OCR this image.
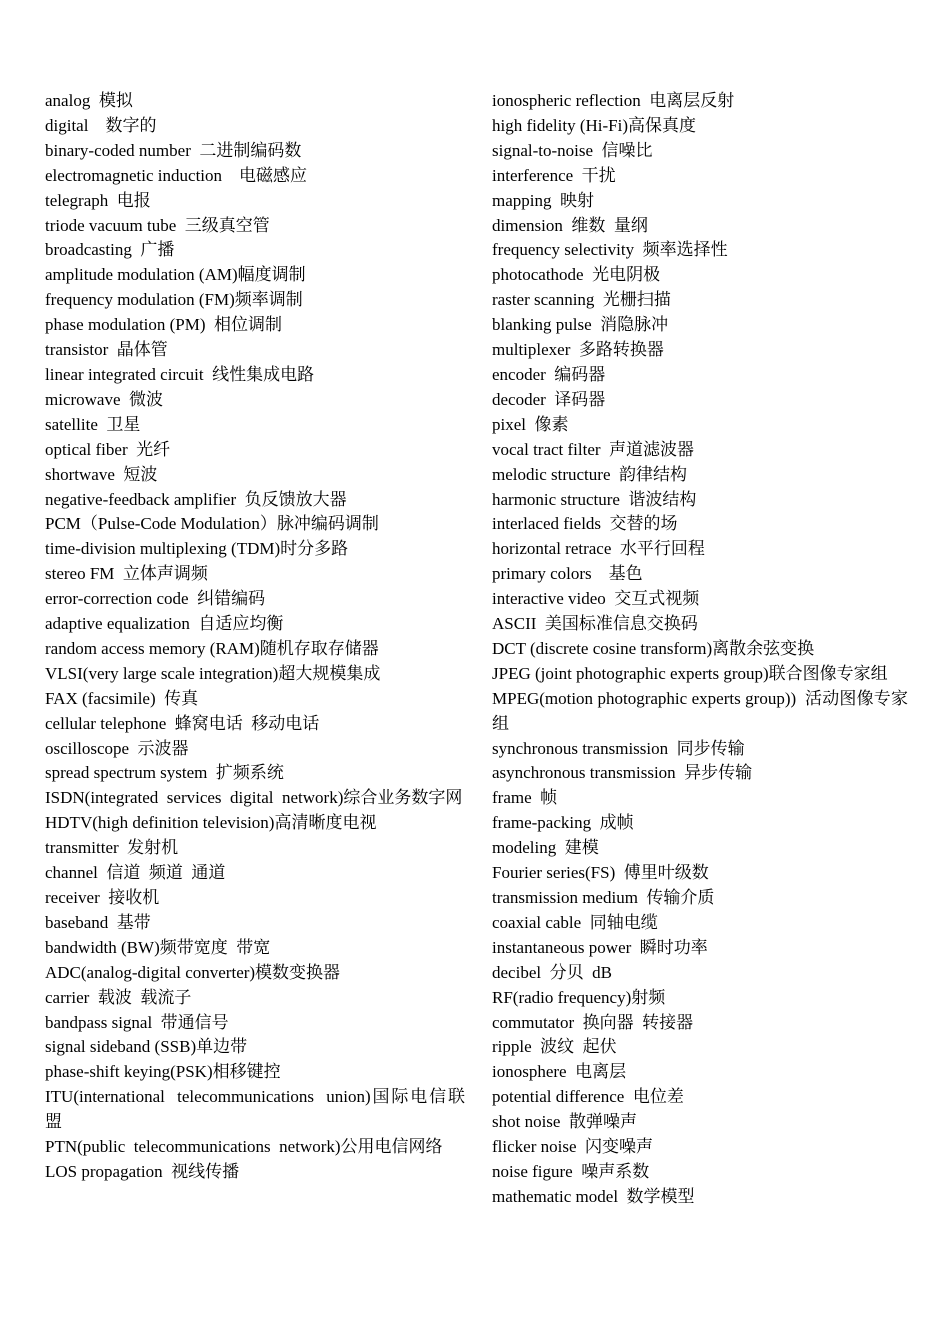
analog  模拟
digital    数字的
binary-coded number  二进制编码数
electromagnetic induction    电磁感应
telegraph  电报
triode vacuum tube  三级真空管
broadcasting  广播
amplitude modulation (AM)幅度调制
frequency modulation (FM)频率调制
phase modulation (PM)  相位调制
transistor  晶体管
linear integrated circuit  线性集成电路
microwave  微波
satellite  卫星
optical fiber  光纤
shortwave  短波
negative-feedback amplifier  负反馈放大器
PCM（Pulse-Code Modulation）脉冲编码调制
time-division multiplexing (TDM)时分多路
stereo FM  立体声调频
error-correction code  纠错编码
adaptive equalization  自适应均衡
random access memory (RAM)随机存取存储器
VLSI(very large scale integration)超大规模集成
FAX (facsimile)  传真
cellular telephone  蜂窝电话  移动电话
oscilloscope  示波器
spread spectrum system  扩频系统
ISDN(integrated  services  digital  network)综合业务数字网
HDTV(high definition television)高清晰度电视
transmitter  发射机
channel  信道  频道  通道
receiver  接收机
baseband  基带
bandwidth (BW)频带宽度  带宽
ADC(analog-digital converter)模数变换器
carrier  载波  载流子
bandpass signal  带通信号
signal sideband (SSB)单边带
phase-shift keying(PSK)相移键控
ITU(international  telecommunications  union)国际电信联盟
PTN(public  telecommunications  network)公用电信网络
LOS propagation  视线传播
ionospheric reflection  电离层反射
high fidelity (Hi-Fi)高保真度
signal-to-noise  信噪比
interference  干扰
mapping  映射
dimension  维数  量纲
frequency selectivity  频率选择性
photocathode  光电阴极
raster scanning  光栅扫描
blanking pulse  消隐脉冲
multiplexer  多路转换器
encoder  编码器
decoder  译码器
pixel  像素
vocal tract filter  声道滤波器
melodic structure  韵律结构
harmonic structure  谐波结构
interlaced fields  交替的场
horizontal retrace  水平行回程
primary colors    基色
interactive video  交互式视频
ASCII  美国标准信息交换码
DCT (discrete cosine transform)离散余弦变换
JPEG (joint photographic experts group)联合图像专家组
MPEG(motion photographic experts group))  活动图像专家组
synchronous transmission  同步传输
asynchronous transmission  异步传输
frame  帧
frame-packing  成帧
modeling  建模
Fourier series(FS)  傅里叶级数
transmission medium  传输介质
coaxial cable  同轴电缆
instantaneous power  瞬时功率
decibel  分贝  dB
RF(radio frequency)射频
commutator  换向器  转接器
ripple  波纹  起伏
ionosphere  电离层
potential difference  电位差
shot noise  散弹噪声
flicker noise  闪变噪声
noise figure  噪声系数
mathematic model  数学模型
